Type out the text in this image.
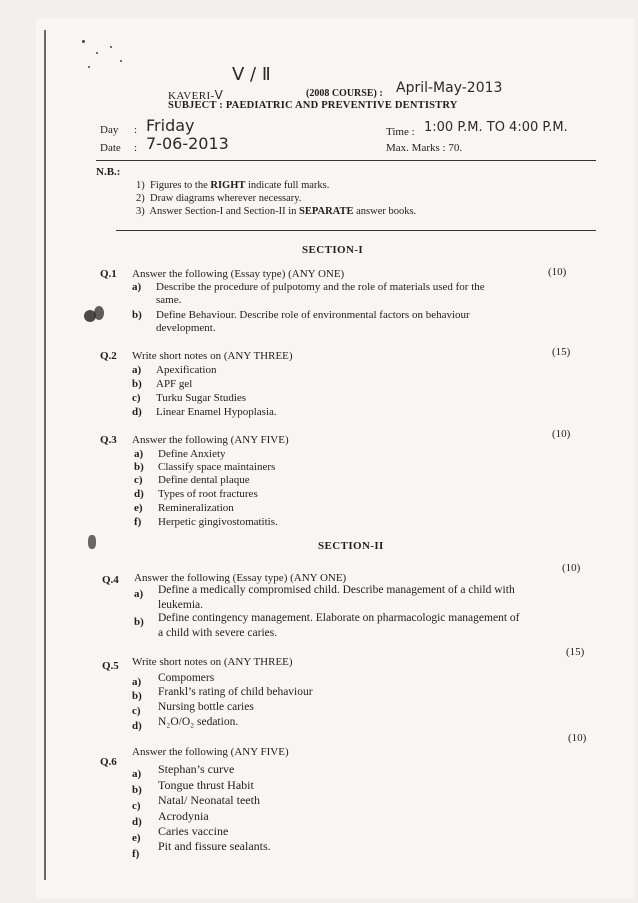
Ⅴ / Ⅱ
KAVERI-Ⅴ	(2008 COURSE) : April-May-2013
SUBJECT : PAEDIATRIC AND PREVENTIVE DENTISTRY
Day : Friday
Date : 7-06-2013
Time : 1:00 P.M. TO 4:00 P.M.
Max. Marks : 70.
N.B.:
1) Figures to the RIGHT indicate full marks.
2) Draw diagrams wherever necessary.
3) Answer Section-I and Section-II in SEPARATE answer books.
SECTION-I
Q.1 Answer the following (Essay type) (ANY ONE)	(10)
a) Describe the procedure of pulpotomy and the role of materials used for the
same.
b) Define Behaviour. Describe role of environmental factors on behaviour
development.
Q.2 Write short notes on (ANY THREE)	(15)
a) Apexification
b) APF gel
c) Turku Sugar Studies
d) Linear Enamel Hypoplasia.
Q.3 Answer the following (ANY FIVE)	(10)
a) Define Anxiety
b) Classify space maintainers
c) Define dental plaque
d) Types of root fractures
e) Remineralization
f) Herpetic gingivostomatitis.
SECTION-II
Q.4 Answer the following (Essay type) (ANY ONE)
(10)
a) Define a medically compromised child. Describe management of a child with
leukemia.
b) Define contingency management. Elaborate on pharmacologic management of
a child with severe caries.
Q.5 Write short notes on (ANY THREE)
(15)
a) Compomers
b) Frankl’s rating of child behaviour
c) Nursing bottle caries
d) N₂O/O₂ sedation.
Q.6
Answer the following (ANY FIVE)
(10)
a) Stephan’s curve
b) Tongue thrust Habit
c) Natal/ Neonatal teeth
d) Acrodynia
e) Caries vaccine
f)
Pit and fissure sealants.
